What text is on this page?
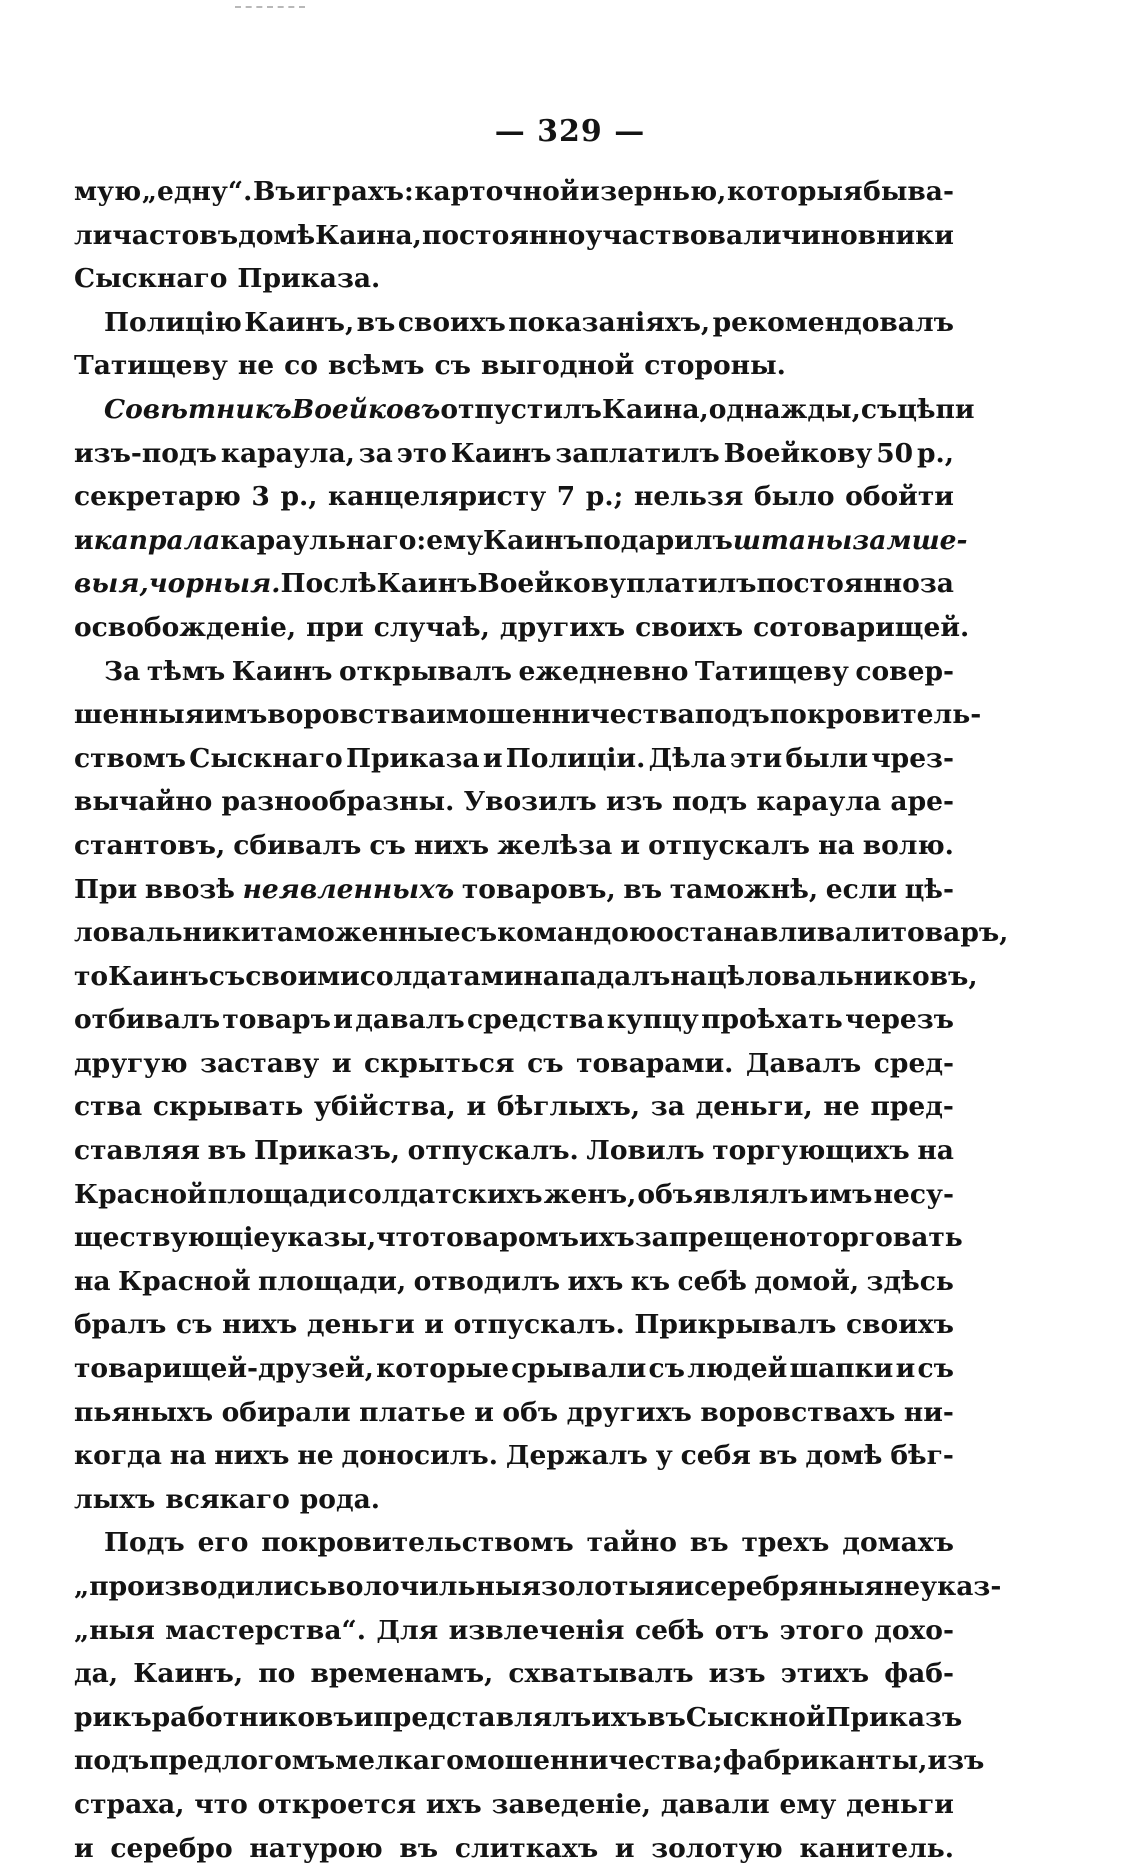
— 329 —
мую „едну“. Въ играхъ: карточной и зернью, которыя быва-
ли часто въ домѣ Каина, постоянно участвовали чиновники
Сыскнаго Приказа.
Полицію Каинъ, въ своихъ показаніяхъ, рекомендовалъ
Татищеву не со всѣмъ съ выгодной стороны.
Совѣтникъ Воейковъ отпустилъ Каина, однажды, съ цѣпи
изъ-подъ караула, за это Каинъ заплатилъ Воейкову 50 р.,
секретарю 3 р., канцеляристу 7 р.; нельзя было обойти
и капрала караульнаго: ему Каинъ подарилъ штаны замше-
выя, чорныя. Послѣ Каинъ Воейкову платилъ постоянно за
освобожденіе, при случаѣ, другихъ своихъ сотоварищей.
За тѣмъ Каинъ открывалъ ежедневно Татищеву совер-
шенныя имъ воровства и мошенничества подъ покровитель-
ствомъ Сыскнаго Приказа и Полиціи. Дѣла эти были чрез-
вычайно разнообразны. Увозилъ изъ подъ караула аре-
стантовъ, сбивалъ съ нихъ желѣза и отпускалъ на волю.
При ввозѣ неявленныхъ товаровъ, въ таможнѣ, если цѣ-
ловальники таможенные съ командою останавливали товаръ,
то Каинъ съ своими солдатами нападалъ на цѣловальниковъ,
отбивалъ товаръ и давалъ средства купцу проѣхать черезъ
другую заставу и скрыться съ товарами. Давалъ сред-
ства скрывать убійства, и бѣглыхъ, за деньги, не пред-
ставляя въ Приказъ, отпускалъ. Ловилъ торгующихъ на
Красной площади солдатскихъ женъ, объявлялъ имъ несу-
ществующіе указы, что товаромъ ихъ запрещено торговать
на Красной площади, отводилъ ихъ къ себѣ домой, здѣсь
бралъ съ нихъ деньги и отпускалъ. Прикрывалъ своихъ
товарищей-друзей, которые срывали съ людей шапки и съ
пьяныхъ обирали платье и объ другихъ воровствахъ ни-
когда на нихъ не доносилъ. Держалъ у себя въ домѣ бѣг-
лыхъ всякаго рода.
Подъ его покровительствомъ тайно въ трехъ домахъ
„производились волочильныя золотыя и серебряныя неуказ-
„ныя мастерства“. Для извлеченія себѣ отъ этого дохо-
да, Каинъ, по временамъ, схватывалъ изъ этихъ фаб-
рикъ работниковъ и представлялъ ихъ въ Сыскной Приказъ
подъ предлогомъ мелкаго мошенничества; фабриканты, изъ
страха, что откроется ихъ заведеніе, давали ему деньги
и серебро натурою въ слиткахъ и золотую канитель.
